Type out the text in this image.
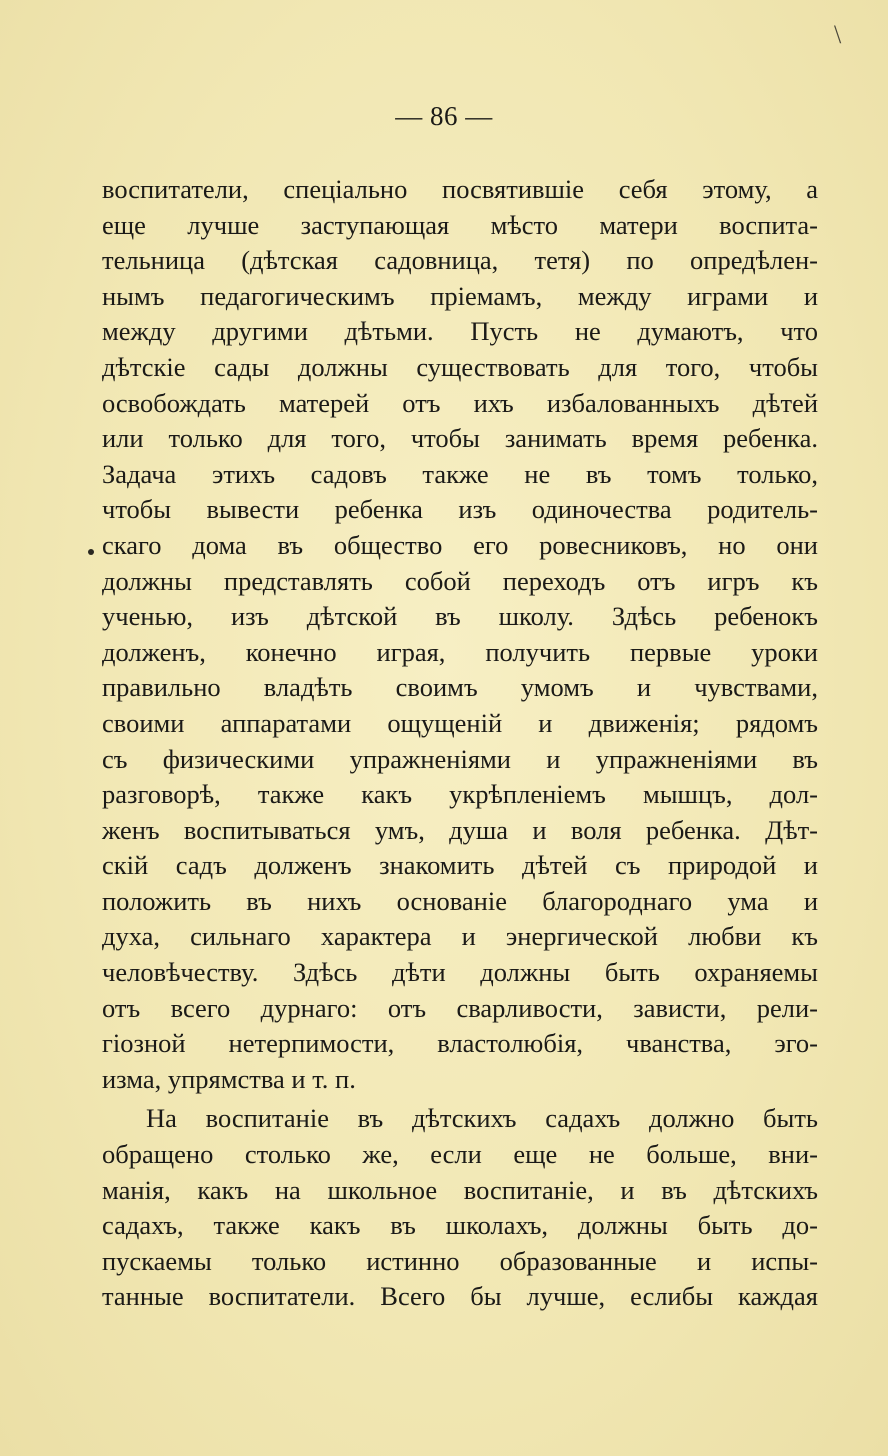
\
— 86 —
воспитатели, спеціально посвятившіе себя этому, а
еще лучше заступающая мѣсто матери воспита-
тельница (дѣтская садовница, тетя) по опредѣлен-
нымъ педагогическимъ пріемамъ, между играми и
между другими дѣтьми. Пусть не думаютъ, что
дѣтскіе сады должны существовать для того, чтобы
освобождать матерей отъ ихъ избалованныхъ дѣтей
или только для того, чтобы занимать время ребенка.
Задача этихъ садовъ также не въ томъ только,
чтобы вывести ребенка изъ одиночества родитель-
скаго дома въ общество его ровесниковъ, но они
должны представлять собой переходъ отъ игръ къ
ученью, изъ дѣтской въ школу. Здѣсь ребенокъ
долженъ, конечно играя, получить первые уроки
правильно владѣть своимъ умомъ и чувствами,
своими аппаратами ощущеній и движенія; рядомъ
съ физическими упражненіями и упражненіями въ
разговорѣ, также какъ укрѣпленіемъ мышцъ, дол-
женъ воспитываться умъ, душа и воля ребенка. Дѣт-
скій садъ долженъ знакомить дѣтей съ природой и
положить въ нихъ основаніе благороднаго ума и
духа, сильнаго характера и энергической любви къ
человѣчеству. Здѣсь дѣти должны быть охраняемы
отъ всего дурнаго: отъ сварливости, зависти, рели-
гіозной нетерпимости, властолюбія, чванства, эго-
изма, упрямства и т. п.
На воспитаніе въ дѣтскихъ садахъ должно быть
обращено столько же, если еще не больше, вни-
манія, какъ на школьное воспитаніе, и въ дѣтскихъ
садахъ, также какъ въ школахъ, должны быть до-
пускаемы только истинно образованные и испы-
танные воспитатели. Всего бы лучше, еслибы каждая
